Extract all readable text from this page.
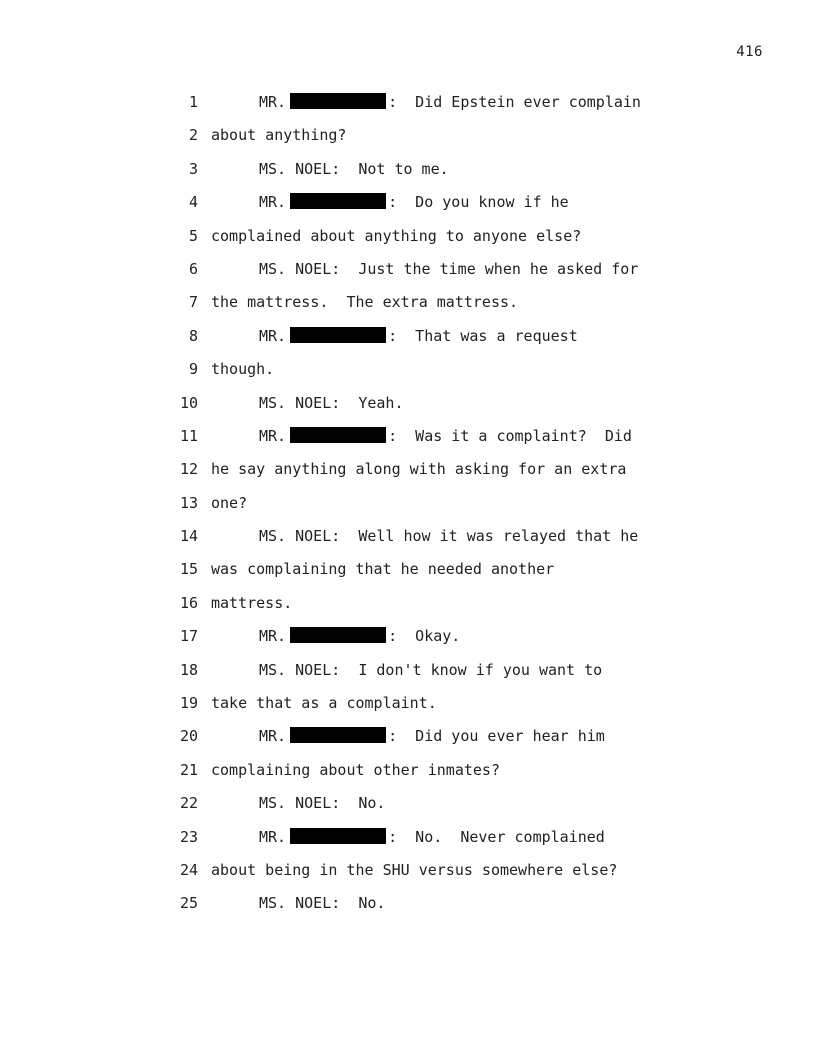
416
1	MR.	:  Did Epstein ever complain
2 about anything?
3	MS. NOEL:  Not to me.
4	MR.	:  Do you know if he
5 complained about anything to anyone else?
6	MS. NOEL:  Just the time when he asked for
7 the mattress.  The extra mattress.
8	MR.	:  That was a request
9 though.
10	MS. NOEL:  Yeah.
11	MR.	:  Was it a complaint?  Did
12 he say anything along with asking for an extra
13 one?
14	MS. NOEL:  Well how it was relayed that he
15 was complaining that he needed another
16 mattress.
17	MR.	:  Okay.
18	MS. NOEL:  I don't know if you want to
19 take that as a complaint.
20	MR.	:  Did you ever hear him
21 complaining about other inmates?
22	MS. NOEL:  No.
23	MR.	:  No.  Never complained
24 about being in the SHU versus somewhere else?
25	MS. NOEL:  No.
